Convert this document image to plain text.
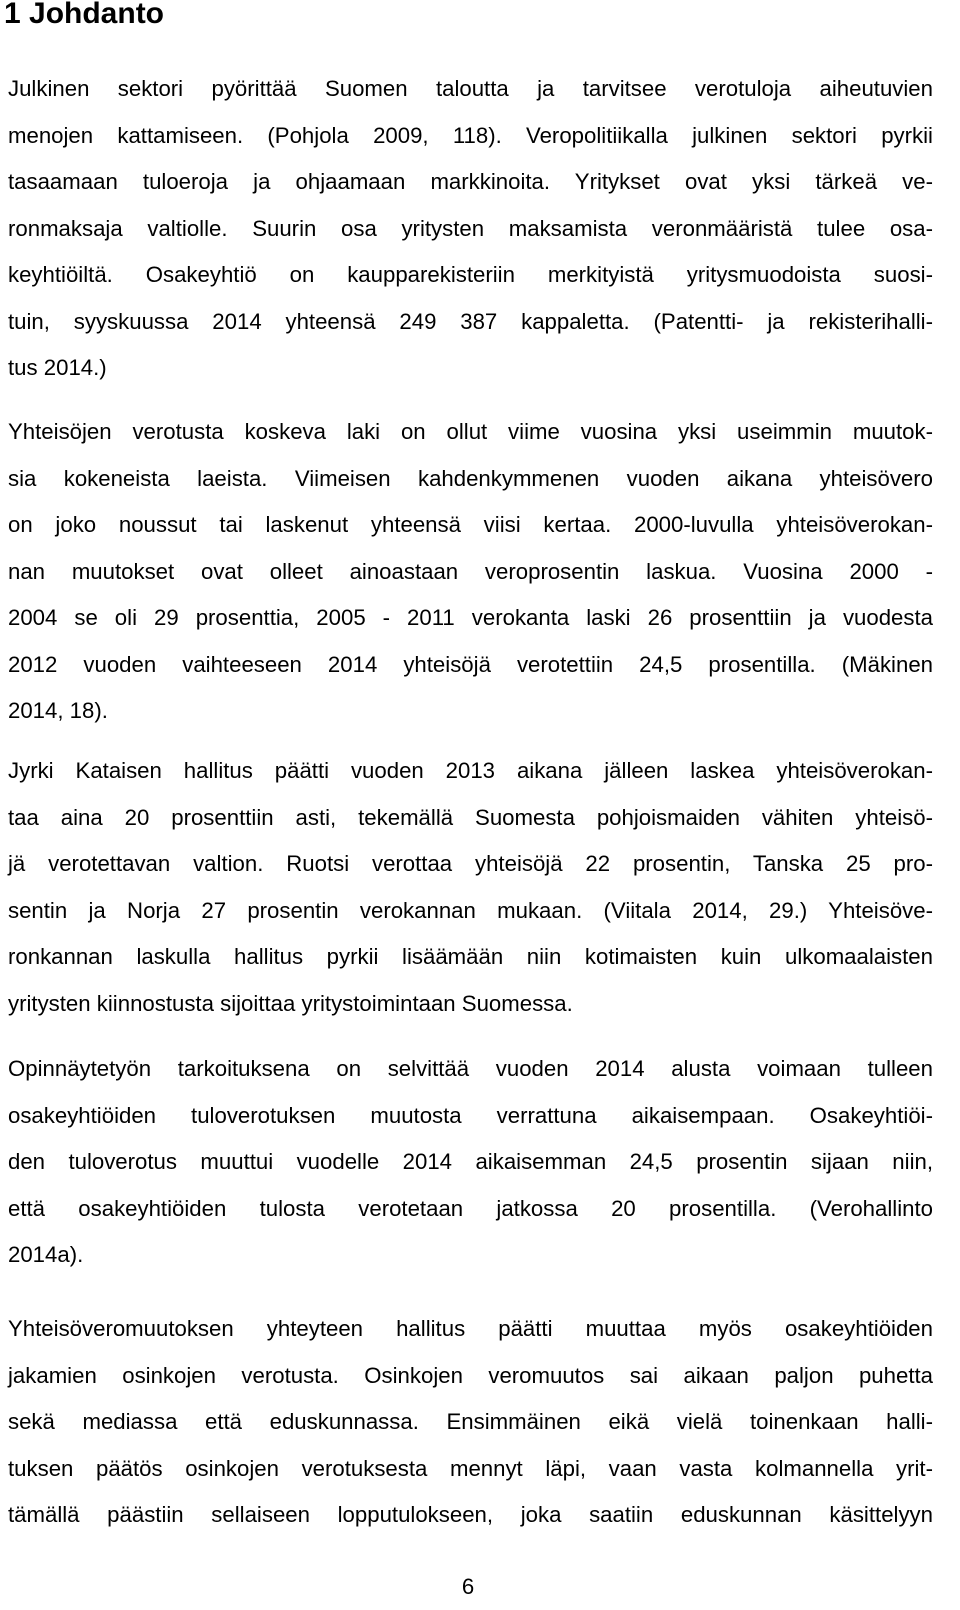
1 Johdanto

Julkinen sektori pyörittää Suomen taloutta ja tarvitsee verotuloja aiheutuvien
menojen kattamiseen. (Pohjola 2009, 118). Veropolitiikalla julkinen sektori pyrkii
tasaamaan tuloeroja ja ohjaamaan markkinoita. Yritykset ovat yksi tärkeä ve-
ronmaksaja valtiolle. Suurin osa yritysten maksamista veronmääristä tulee osa-
keyhtiöiltä. Osakeyhtiö on kaupparekisteriin merkityistä yritysmuodoista suosi-
tuin, syyskuussa 2014 yhteensä 249 387 kappaletta. (Patentti- ja rekisterihalli-
tus 2014.)

Yhteisöjen verotusta koskeva laki on ollut viime vuosina yksi useimmin muutok-
sia kokeneista laeista. Viimeisen kahdenkymmenen vuoden aikana yhteisövero
on joko noussut tai laskenut yhteensä viisi kertaa. 2000-luvulla yhteisöverokan-
nan muutokset ovat olleet ainoastaan veroprosentin laskua. Vuosina 2000 -
2004 se oli 29 prosenttia, 2005 - 2011 verokanta laski 26 prosenttiin ja vuodesta
2012 vuoden vaihteeseen 2014 yhteisöjä verotettiin 24,5 prosentilla. (Mäkinen
2014, 18).

Jyrki Kataisen hallitus päätti vuoden 2013 aikana jälleen laskea yhteisöverokan-
taa aina 20 prosenttiin asti, tekemällä Suomesta pohjoismaiden vähiten yhteisö-
jä verotettavan valtion. Ruotsi verottaa yhteisöjä 22 prosentin, Tanska 25 pro-
sentin ja Norja 27 prosentin verokannan mukaan. (Viitala 2014, 29.) Yhteisöve-
ronkannan laskulla hallitus pyrkii lisäämään niin kotimaisten kuin ulkomaalaisten
yritysten kiinnostusta sijoittaa yritystoimintaan Suomessa.

Opinnäytetyön tarkoituksena on selvittää vuoden 2014 alusta voimaan tulleen
osakeyhtiöiden tuloverotuksen muutosta verrattuna aikaisempaan. Osakeyhtiöi-
den tuloverotus muuttui vuodelle 2014 aikaisemman 24,5 prosentin sijaan niin,
että osakeyhtiöiden tulosta verotetaan jatkossa 20 prosentilla. (Verohallinto
2014a).

Yhteisöveromuutoksen yhteyteen hallitus päätti muuttaa myös osakeyhtiöiden
jakamien osinkojen verotusta. Osinkojen veromuutos sai aikaan paljon puhetta
sekä mediassa että eduskunnassa. Ensimmäinen eikä vielä toinenkaan halli-
tuksen päätös osinkojen verotuksesta mennyt läpi, vaan vasta kolmannella yrit-
tämällä päästiin sellaiseen lopputulokseen, joka saatiin eduskunnan käsittelyyn

6
